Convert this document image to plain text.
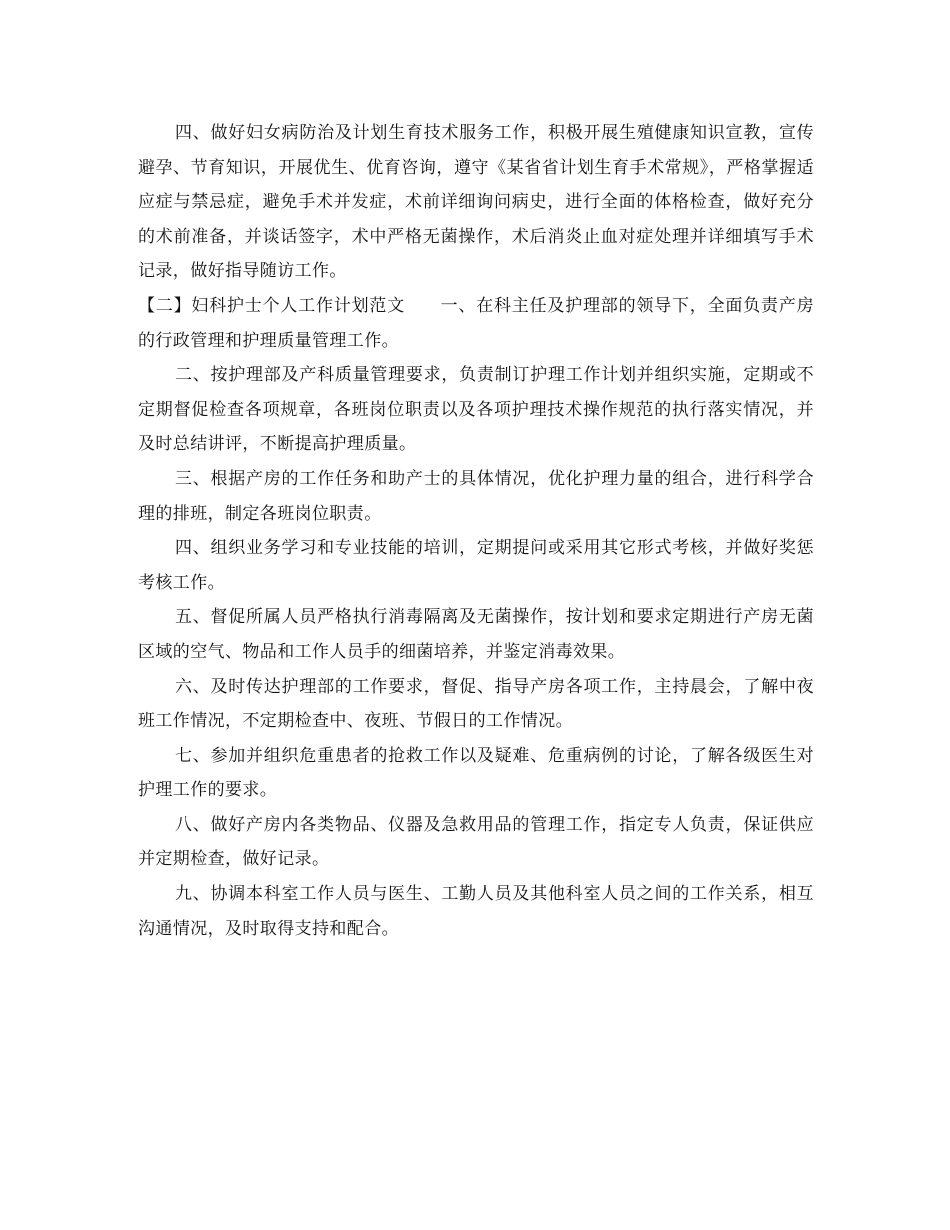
四、做好妇女病防治及计划生育技术服务工作，积极开展生殖健康知识宣教，宣传避孕、节育知识，开展优生、优育咨询，遵守《某省省计划生育手术常规》，严格掌握适应症与禁忌症，避免手术并发症，术前详细询问病史，进行全面的体格检查，做好充分的术前准备，并谈话签字，术中严格无菌操作，术后消炎止血对症处理并详细填写手术记录，做好指导随访工作。

【二】妇科护士个人工作计划范文　　一、在科主任及护理部的领导下，全面负责产房的行政管理和护理质量管理工作。

二、按护理部及产科质量管理要求，负责制订护理工作计划并组织实施，定期或不定期督促检查各项规章，各班岗位职责以及各项护理技术操作规范的执行落实情况，并及时总结讲评，不断提高护理质量。

三、根据产房的工作任务和助产士的具体情况，优化护理力量的组合，进行科学合理的排班，制定各班岗位职责。

四、组织业务学习和专业技能的培训，定期提问或采用其它形式考核，并做好奖惩考核工作。

五、督促所属人员严格执行消毒隔离及无菌操作，按计划和要求定期进行产房无菌区域的空气、物品和工作人员手的细菌培养，并鉴定消毒效果。

六、及时传达护理部的工作要求，督促、指导产房各项工作，主持晨会，了解中夜班工作情况，不定期检查中、夜班、节假日的工作情况。

七、参加并组织危重患者的抢救工作以及疑难、危重病例的讨论，了解各级医生对护理工作的要求。

八、做好产房内各类物品、仪器及急救用品的管理工作，指定专人负责，保证供应并定期检查，做好记录。

九、协调本科室工作人员与医生、工勤人员及其他科室人员之间的工作关系，相互沟通情况，及时取得支持和配合。
